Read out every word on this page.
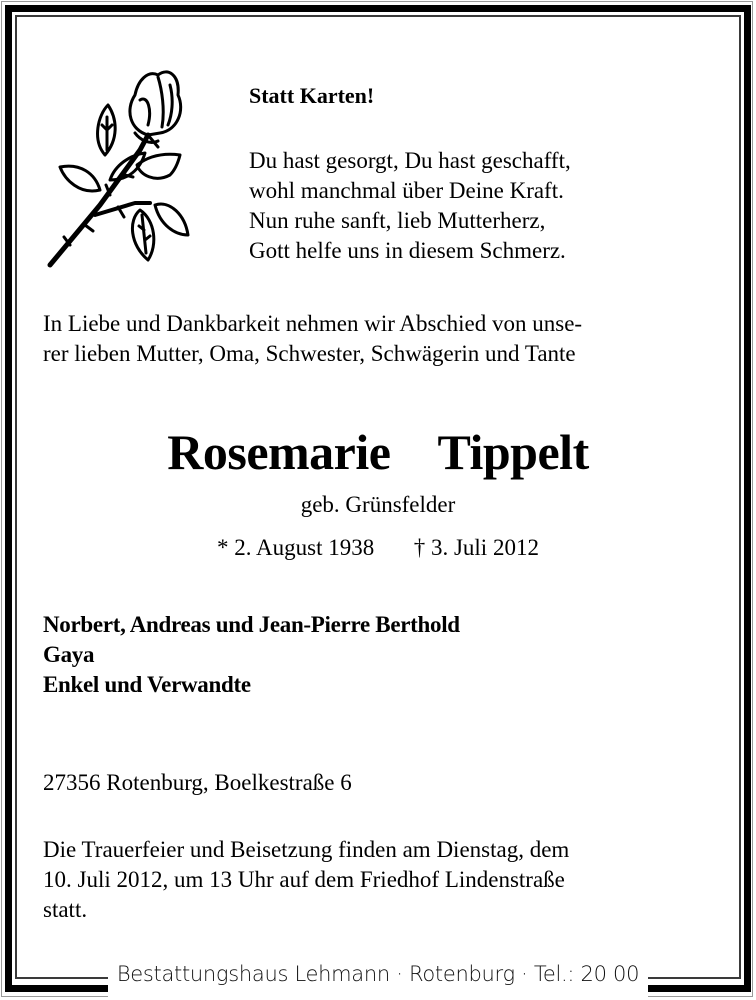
Statt Karten!
Du hast gesorgt, Du hast geschafft,
wohl manchmal über Deine Kraft.
Nun ruhe sanft, lieb Mutterherz,
Gott helfe uns in diesem Schmerz.
In Liebe und Dankbarkeit nehmen wir Abschied von unse-
rer lieben Mutter, Oma, Schwester, Schwägerin und Tante
Rosemarie  Tippelt
geb. Grünsfelder
* 2. August 1938 † 3. Juli 2012
Norbert, Andreas und Jean-Pierre Berthold
Gaya
Enkel und Verwandte
27356 Rotenburg, Boelkestraße 6
Die Trauerfeier und Beisetzung finden am Dienstag, dem
10. Juli 2012, um 13 Uhr auf dem Friedhof Lindenstraße
statt.
Bestattungshaus Lehmann · Rotenburg · Tel.: 20 00
